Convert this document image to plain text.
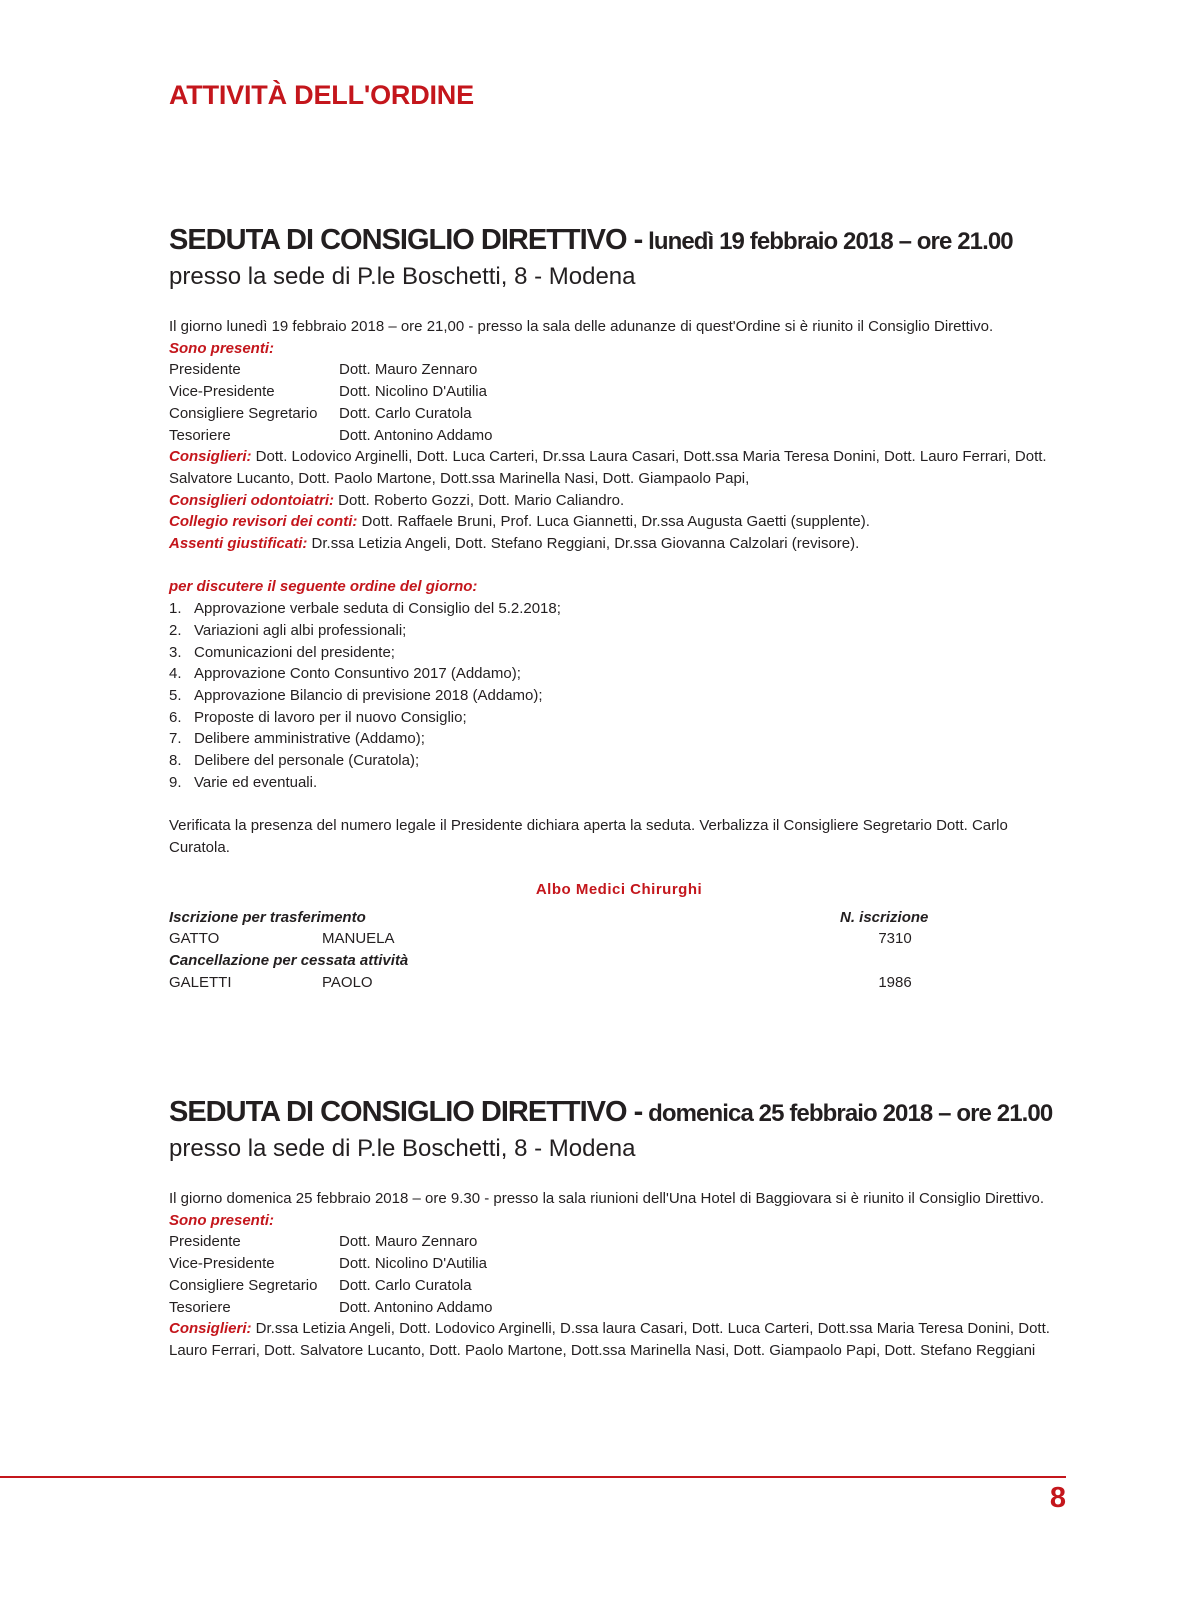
ATTIVITÀ DELL'ORDINE
SEDUTA DI CONSIGLIO DIRETTIVO - lunedì 19 febbraio 2018 – ore 21.00

presso la sede di P.le Boschetti, 8 - Modena

Il giorno lunedì 19 febbraio 2018 – ore 21,00 - presso la sala delle adunanze di quest'Ordine si è riunito il Consiglio Direttivo.
Sono presenti:
Presidente	Dott. Mauro Zennaro
Vice-Presidente	Dott. Nicolino D'Autilia
Consigliere Segretario	Dott. Carlo Curatola
Tesoriere	Dott. Antonino Addamo
Consiglieri: Dott. Lodovico Arginelli, Dott. Luca Carteri, Dr.ssa Laura Casari, Dott.ssa Maria Teresa Donini, Dott. Lauro Ferrari, Dott. Salvatore Lucanto, Dott. Paolo Martone, Dott.ssa Marinella Nasi, Dott. Giampaolo Papi,
Consiglieri odontoiatri: Dott. Roberto Gozzi, Dott. Mario Caliandro.
Collegio revisori dei conti: Dott. Raffaele Bruni, Prof. Luca Giannetti, Dr.ssa Augusta Gaetti (supplente).
Assenti giustificati: Dr.ssa Letizia Angeli, Dott. Stefano Reggiani, Dr.ssa Giovanna Calzolari (revisore).
per discutere il seguente ordine del giorno:
1. Approvazione verbale seduta di Consiglio del 5.2.2018;
2. Variazioni agli albi professionali;
3. Comunicazioni del presidente;
4. Approvazione Conto Consuntivo 2017 (Addamo);
5. Approvazione Bilancio di previsione 2018 (Addamo);
6. Proposte di lavoro per il nuovo Consiglio;
7. Delibere amministrative (Addamo);
8. Delibere del personale (Curatola);
9. Varie ed eventuali.
Verificata la presenza del numero legale il Presidente dichiara aperta la seduta. Verbalizza il Consigliere Segretario Dott. Carlo Curatola.
Albo Medici Chirurghi
Iscrizione per trasferimento	N. iscrizione
GATTO	MANUELA	7310
Cancellazione per cessata attività
GALETTI	PAOLO	1986
SEDUTA DI CONSIGLIO DIRETTIVO - domenica 25 febbraio 2018 – ore 21.00

presso la sede di P.le Boschetti, 8 - Modena

Il giorno domenica 25 febbraio 2018 – ore 9.30 - presso la sala riunioni dell'Una Hotel di Baggiovara si è riunito il Consiglio Direttivo.
Sono presenti:
Presidente	Dott. Mauro Zennaro
Vice-Presidente	Dott. Nicolino D'Autilia
Consigliere Segretario	Dott. Carlo Curatola
Tesoriere	Dott. Antonino Addamo
Consiglieri: Dr.ssa Letizia Angeli, Dott. Lodovico Arginelli, D.ssa laura Casari, Dott. Luca Carteri, Dott.ssa Maria Teresa Donini, Dott. Lauro Ferrari, Dott. Salvatore Lucanto, Dott. Paolo Martone, Dott.ssa Marinella Nasi, Dott. Giampaolo Papi, Dott. Stefano Reggiani
8
